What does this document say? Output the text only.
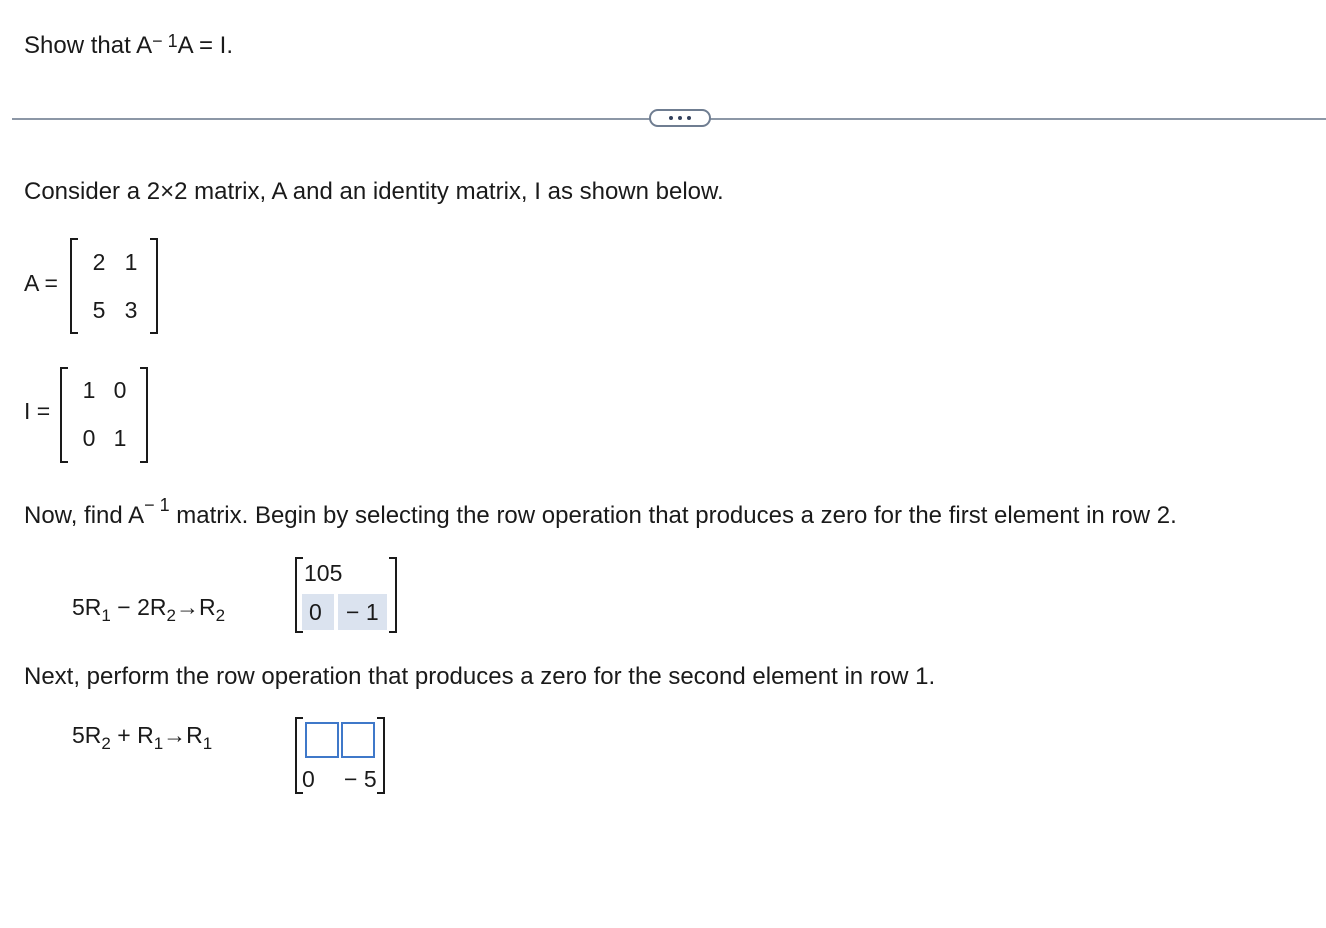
Show that $A^{- 1}A = I$.
Consider a 2×2 matrix, A and an identity matrix, I as shown below.
A =
2 1
5 3
I =
1 0
0 1
Now, find $A^{- 1}$ matrix. Begin by selecting the row operation that produces a zero for the first element in row 2.
$5R_1 - 2R_2\to R_2$
105
0 − 1
Next, perform the row operation that produces a zero for the second element in row 1.
$5R_2 + R_1\to R_1$
0 − 5
